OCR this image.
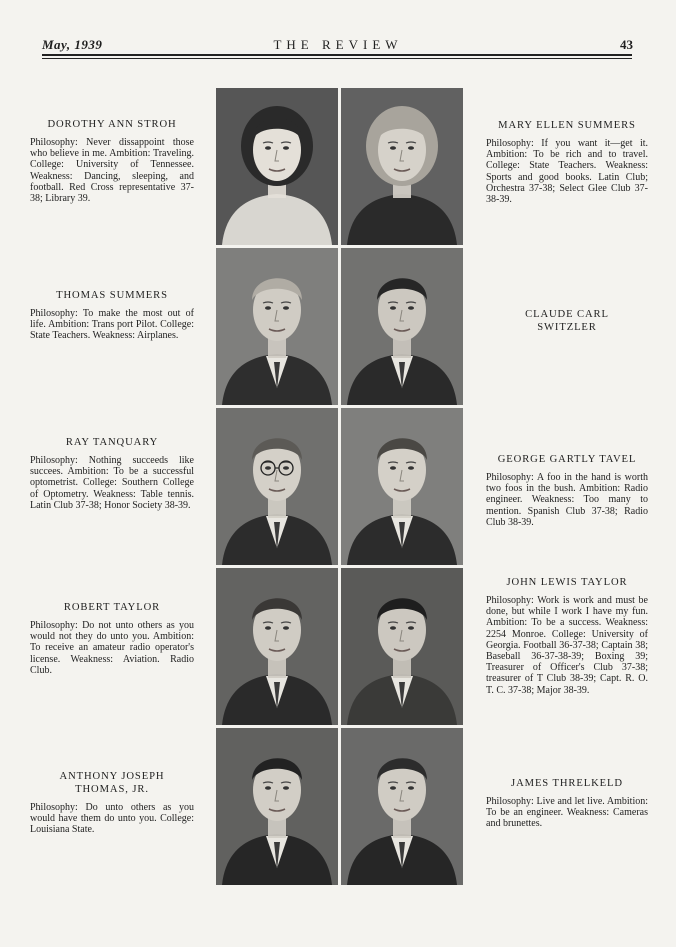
May, 1939	THE REVIEW	43
DOROTHY ANN STROH
Philosophy: Never dissappoint those who believe in me. Ambition: Traveling. College: University of Tennessee. Weakness: Dancing, sleeping, and football. Red Cross representative 37-38; Library 39.
THOMAS SUMMERS
Philosophy: To make the most out of life. Ambition: Trans port Pilot. College: State Teachers. Weakness: Airplanes.
RAY TANQUARY
Philosophy: Nothing succeeds like succees. Ambition: To be a successful optometrist. College: Southern College of Optometry. Weakness: Table tennis. Latin Club 37-38; Honor Society 38-39.
ROBERT TAYLOR
Philosophy: Do not unto others as you would not they do unto you. Ambition: To receive an amateur radio operator's license. Weakness: Aviation. Radio Club.
ANTHONY JOSEPH
THOMAS, JR.
Philosophy: Do unto others as you would have them do unto you. College: Louisiana State.
MARY ELLEN SUMMERS
Philosophy: If you want it—get it. Ambition: To be rich and to travel. College: State Teachers. Weakness: Sports and good books. Latin Club; Orchestra 37-38; Select Glee Club 37-38-39.
CLAUDE CARL
SWITZLER
GEORGE GARTLY TAVEL
Philosophy: A foo in the hand is worth two foos in the bush. Ambition: Radio engineer. Weakness: Too many to mention. Spanish Club 37-38; Radio Club 38-39.
JOHN LEWIS TAYLOR
Philosophy: Work is work and must be done, but while I work I have my fun. Ambition: To be a success. Weakness: 2254 Monroe. College: University of Georgia. Football 36-37-38; Captain 38; Baseball 36-37-38-39; Boxing 39; Treasurer of Officer's Club 37-38; treasurer of T Club 38-39; Capt. R. O. T. C. 37-38; Major 38-39.
JAMES THRELKELD
Philosophy: Live and let live. Ambition: To be an engineer. Weakness: Cameras and brunettes.
